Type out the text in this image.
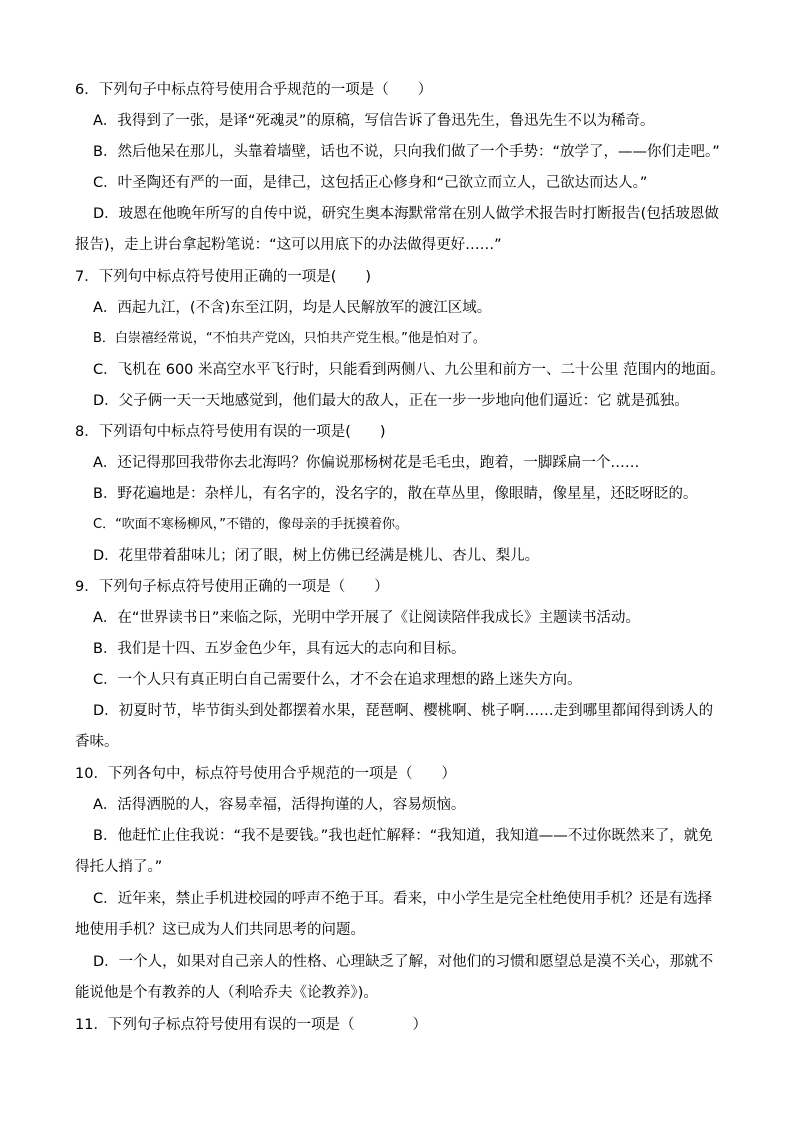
6．下列句子中标点符号使用合乎规范的一项是（　　）
A．我得到了一张，是译“死魂灵”的原稿，写信告诉了鲁迅先生，鲁迅先生不以为稀奇。
B．然后他呆在那儿，头靠着墙壁，话也不说，只向我们做了一个手势：“放学了，——你们走吧。”
C．叶圣陶还有严的一面，是律己，这包括正心修身和“己欲立而立人，己欲达而达人。”
D．玻恩在他晚年所写的自传中说，研究生奥本海默常常在别人做学术报告时打断报告(包括玻恩做报告)，走上讲台拿起粉笔说：“这可以用底下的办法做得更好……”
7．下列句中标点符号使用正确的一项是(　　)
A．西起九江，(不含)东至江阴，均是人民解放军的渡江区域。
B．白崇禧经常说，“不怕共产党凶，只怕共产党生根。”他是怕对了。
C．飞机在 600 米高空水平飞行时，只能看到两侧八、九公里和前方一、二十公里 范围内的地面。
D．父子俩一天一天地感觉到，他们最大的敌人，正在一步一步地向他们逼近：它 就是孤独。
8．下列语句中标点符号使用有误的一项是(　　)
A．还记得那回我带你去北海吗？你偏说那杨树花是毛毛虫，跑着，一脚踩扁一个……
B．野花遍地是：杂样儿，有名字的，没名字的，散在草丛里，像眼睛，像星星，还眨呀眨的。
C．“吹面不寒杨柳风，”不错的，像母亲的手抚摸着你。
D．花里带着甜味儿；闭了眼，树上仿佛已经满是桃儿、杏儿、梨儿。
9．下列句子标点符号使用正确的一项是（　　）
A．在“世界读书日”来临之际，光明中学开展了《让阅读陪伴我成长》主题读书活动。
B．我们是十四、五岁金色少年，具有远大的志向和目标。
C．一个人只有真正明白自己需要什么，才不会在追求理想的路上迷失方向。
D．初夏时节，毕节街头到处都摆着水果，琵琶啊、樱桃啊、桃子啊……走到哪里都闻得到诱人的香味。
10．下列各句中，标点符号使用合乎规范的一项是（　　）
A．活得洒脱的人，容易幸福，活得拘谨的人，容易烦恼。
B．他赶忙止住我说：“我不是要钱。”我也赶忙解释：“我知道，我知道——不过你既然来了，就免得托人捎了。”
C．近年来，禁止手机进校园的呼声不绝于耳。看来，中小学生是完全杜绝使用手机？还是有选择地使用手机？这已成为人们共同思考的问题。
D．一个人，如果对自己亲人的性格、心理缺乏了解，对他们的习惯和愿望总是漠不关心，那就不能说他是个有教养的人（利哈乔夫《论教养》)。
11．下列句子标点符号使用有误的一项是（　　　　）
